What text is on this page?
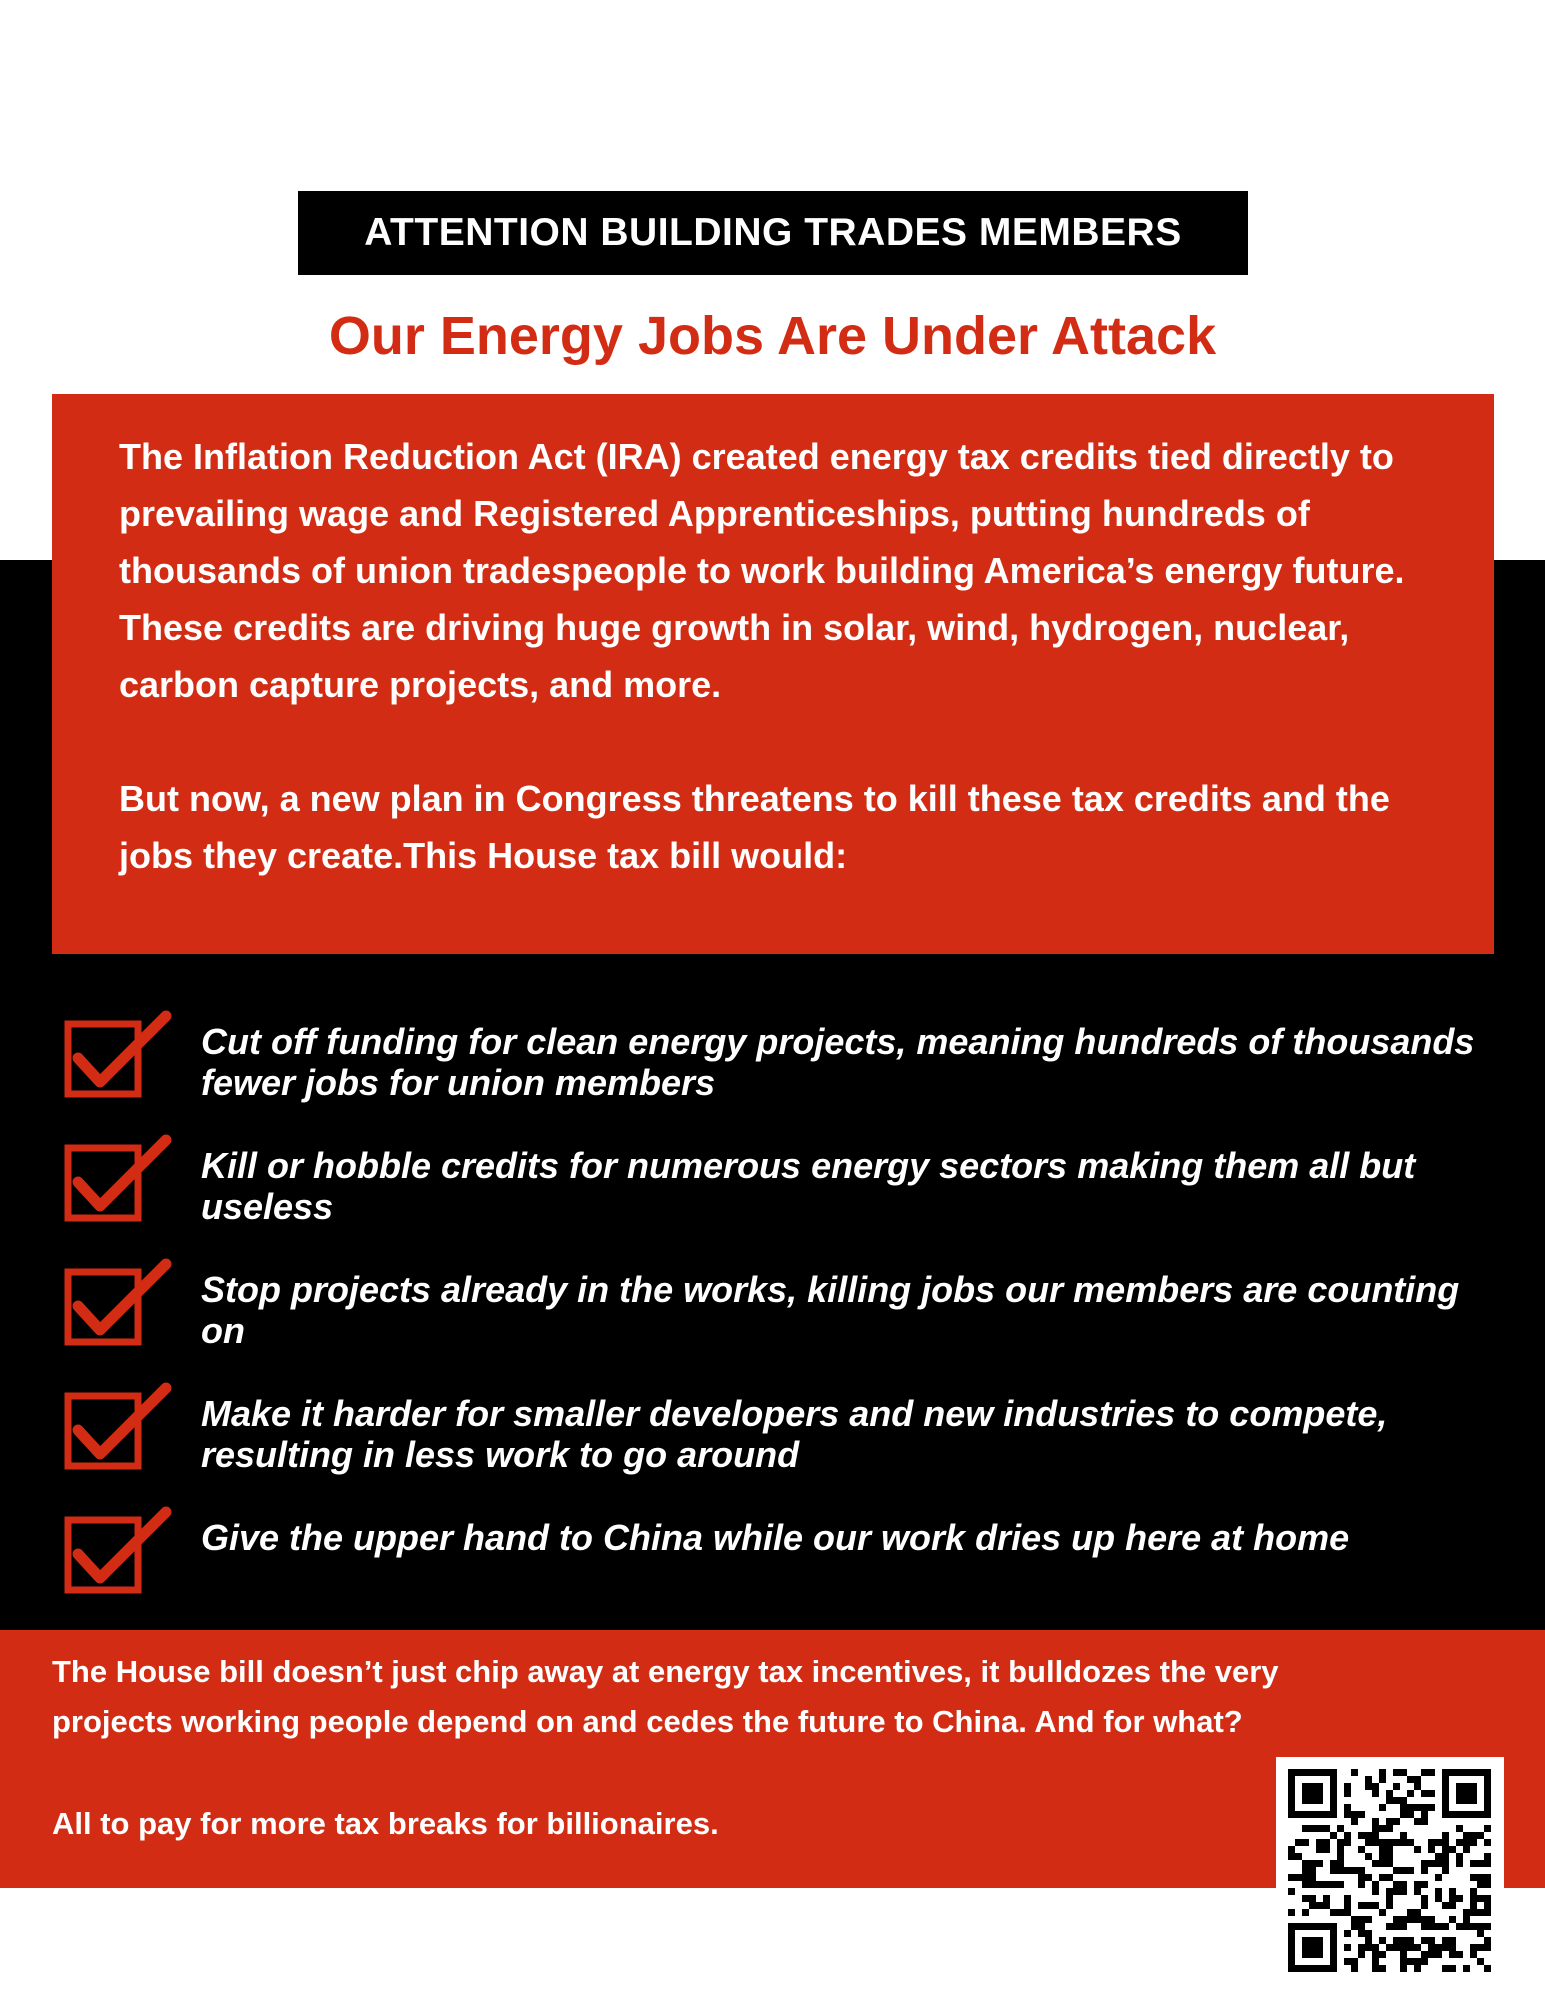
ATTENTION BUILDING TRADES MEMBERS
Our Energy Jobs Are Under Attack

The Inflation Reduction Act (IRA) created energy tax credits tied directly to prevailing wage and Registered Apprenticeships, putting hundreds of thousands of union tradespeople to work building America’s energy future. These credits are driving huge growth in solar, wind, hydrogen, nuclear, carbon capture projects, and more.

But now, a new plan in Congress threatens to kill these tax credits and the jobs they create.This House tax bill would:

Cut off funding for clean energy projects, meaning hundreds of thousands fewer jobs for union members
Kill or hobble credits for numerous energy sectors making them all but useless
Stop projects already in the works, killing jobs our members are counting on
Make it harder for smaller developers and new industries to compete, resulting in less work to go around
Give the upper hand to China while our work dries up here at home
The House bill doesn’t just chip away at energy tax incentives, it bulldozes the very
projects working people depend on and cedes the future to China. And for what?
All to pay for more tax breaks for billionaires.
